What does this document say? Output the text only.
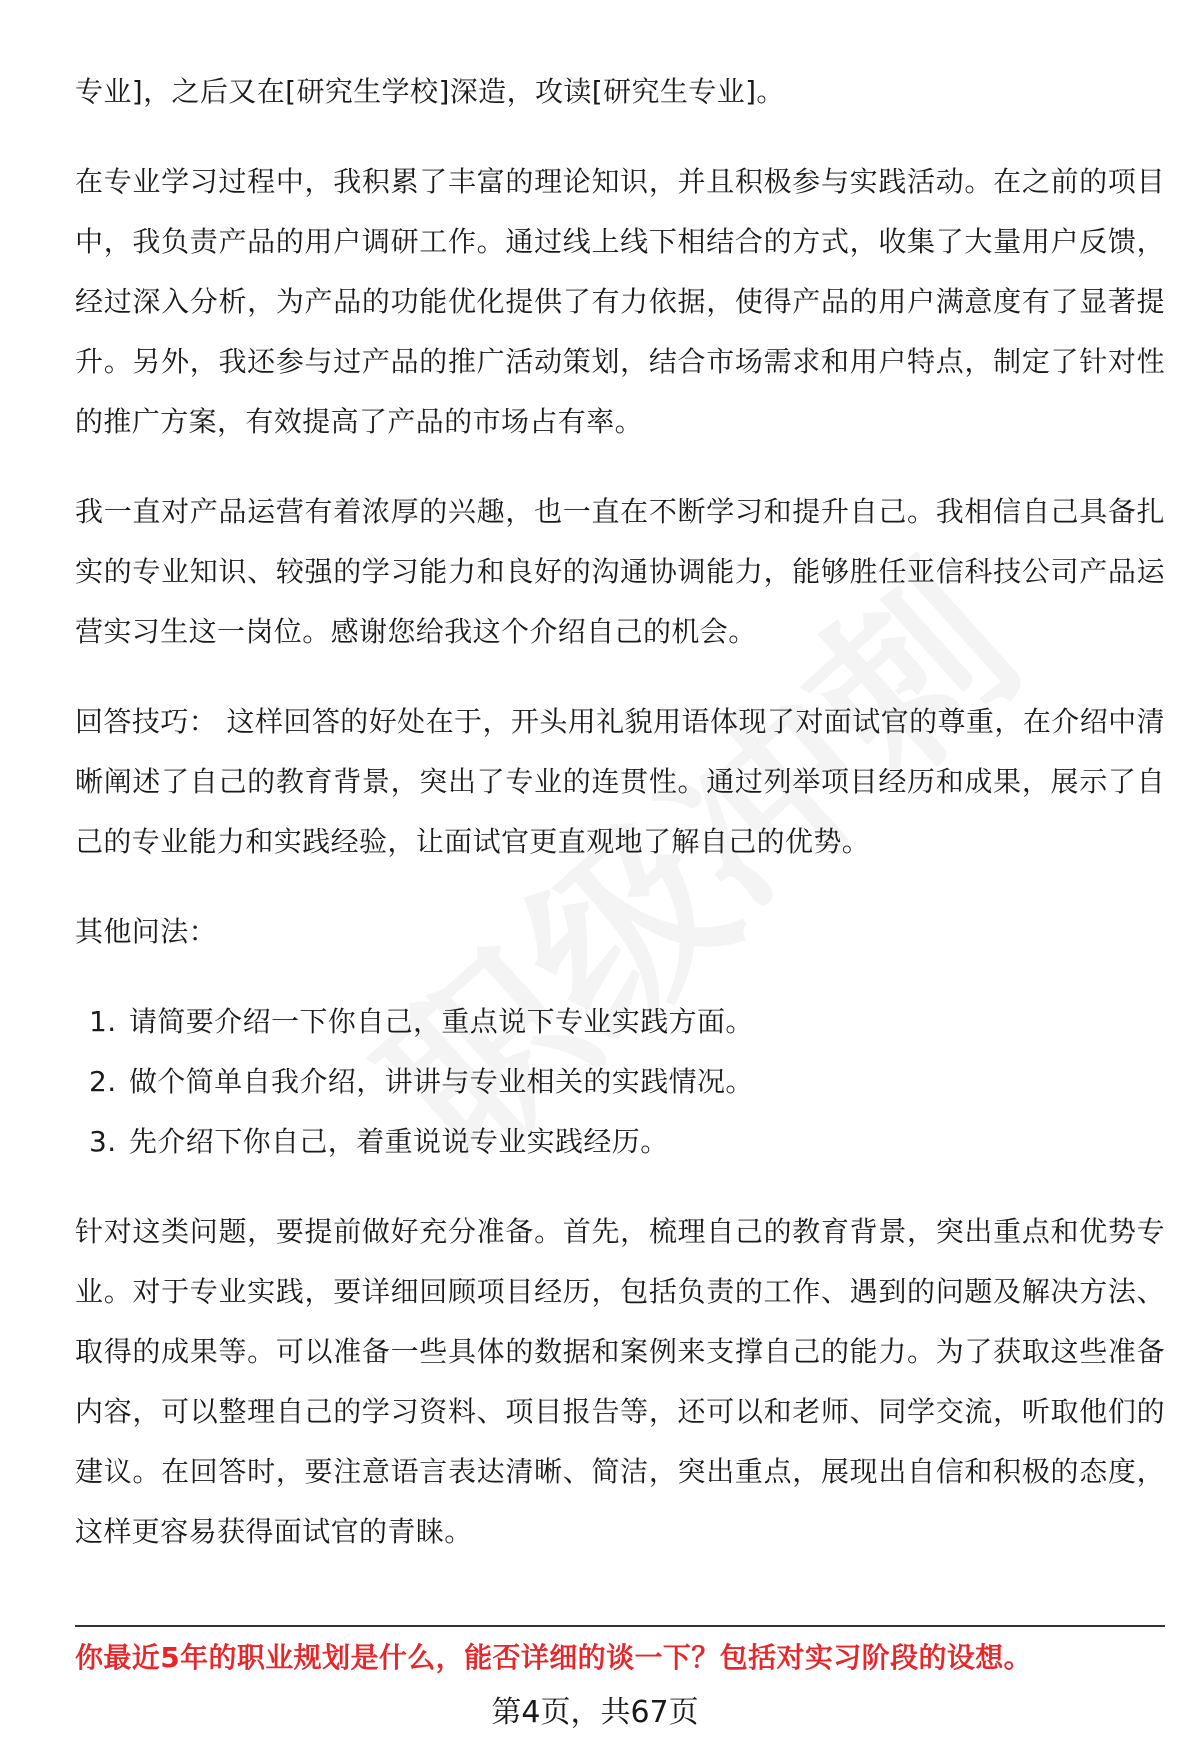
专业]，之后又在[研究生学校]深造，攻读[研究生专业]。

在专业学习过程中，我积累了丰富的理论知识，并且积极参与实践活动。在之前的项目中，我负责产品的用户调研工作。通过线上线下相结合的方式，收集了大量用户反馈，经过深入分析，为产品的功能优化提供了有力依据，使得产品的用户满意度有了显著提升。另外，我还参与过产品的推广活动策划，结合市场需求和用户特点，制定了针对性的推广方案，有效提高了产品的市场占有率。

我一直对产品运营有着浓厚的兴趣，也一直在不断学习和提升自己。我相信自己具备扎实的专业知识、较强的学习能力和良好的沟通协调能力，能够胜任亚信科技公司产品运营实习生这一岗位。感谢您给我这个介绍自己的机会。

回答技巧： 这样回答的好处在于，开头用礼貌用语体现了对面试官的尊重，在介绍中清晰阐述了自己的教育背景，突出了专业的连贯性。通过列举项目经历和成果，展示了自己的专业能力和实践经验，让面试官更直观地了解自己的优势。

其他问法：

1. 请简要介绍一下你自己，重点说下专业实践方面。
2. 做个简单自我介绍，讲讲与专业相关的实践情况。
3. 先介绍下你自己，着重说说专业实践经历。

针对这类问题，要提前做好充分准备。首先，梳理自己的教育背景，突出重点和优势专业。对于专业实践，要详细回顾项目经历，包括负责的工作、遇到的问题及解决方法、取得的成果等。可以准备一些具体的数据和案例来支撑自己的能力。为了获取这些准备内容，可以整理自己的学习资料、项目报告等，还可以和老师、同学交流，听取他们的建议。在回答时，要注意语言表达清晰、简洁，突出重点，展现出自信和积极的态度，这样更容易获得面试官的青睐。

你最近5年的职业规划是什么，能否详细的谈一下？包括对实习阶段的设想。
第4页，共67页
